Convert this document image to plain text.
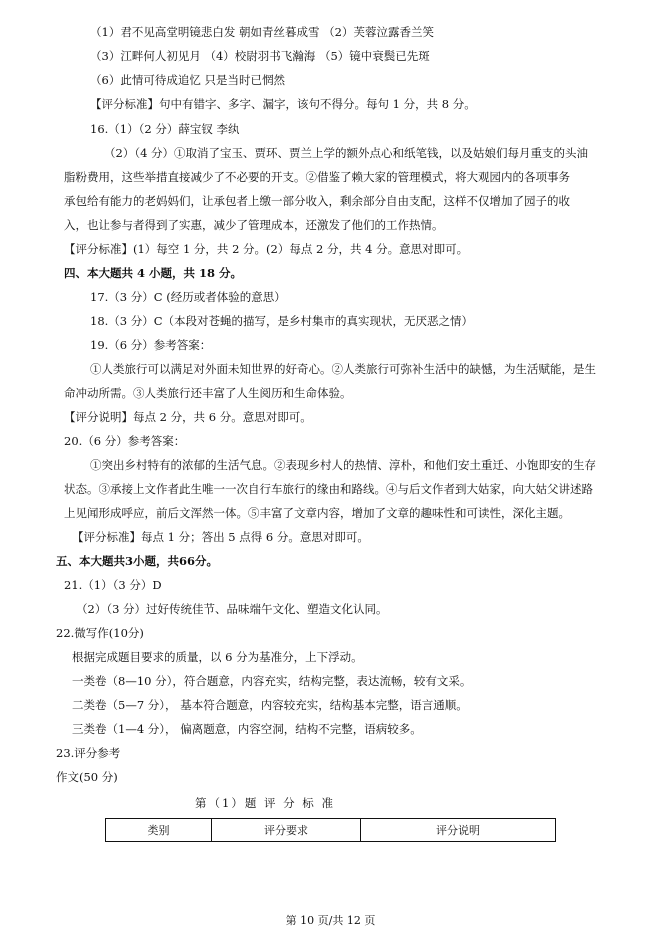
（1）君不见高堂明镜悲白发 朝如青丝暮成雪 （2）芙蓉泣露香兰笑
（3）江畔何人初见月 （4）校尉羽书飞瀚海 （5）镜中衰鬓已先斑
（6）此情可待成追忆 只是当时已惘然
【评分标准】句中有错字、多字、漏字，该句不得分。每句 1 分，共 8 分。
16.（1）（2 分）薛宝钗 李纨
（2）（4 分）①取消了宝玉、贾环、贾兰上学的额外点心和纸笔钱，以及姑娘们每月重支的头油
脂粉费用，这些举措直接减少了不必要的开支。②借鉴了赖大家的管理模式，将大观园内的各项事务
承包给有能力的老妈妈们，让承包者上缴一部分收入，剩余部分自由支配，这样不仅增加了园子的收
入，也让参与者得到了实惠，减少了管理成本，还激发了他们的工作热情。
【评分标准】(1）每空 1 分，共 2 分。(2）每点 2 分，共 4 分。意思对即可。
四、本大题共 4 小题，共 18 分。
17.（3 分）C (经历或者体验的意思）
18.（3 分）C（本段对苍蝇的描写，是乡村集市的真实现状，无厌恶之情）
19.（6 分）参考答案：
①人类旅行可以满足对外面未知世界的好奇心。②人类旅行可弥补生活中的缺憾，为生活赋能，是生
命冲动所需。③人类旅行还丰富了人生阅历和生命体验。
【评分说明】每点 2 分，共 6 分。意思对即可。
20.（6 分）参考答案：
①突出乡村特有的浓郁的生活气息。②表现乡村人的热情、淳朴，和他们安土重迁、小饱即安的生存
状态。③承接上文作者此生唯一一次自行车旅行的缘由和路线。④与后文作者到大姑家，向大姑父讲述路
上见闻形成呼应，前后文浑然一体。⑤丰富了文章内容，增加了文章的趣味性和可读性，深化主题。
【评分标准】每点 1 分；答出 5 点得 6 分。意思对即可。
五、本大题共3小题，共66分。
21.（1）（3 分）D
（2）（3 分）过好传统佳节、品味端午文化、塑造文化认同。
22.微写作(10分)
根据完成题目要求的质量，以 6 分为基准分，上下浮动。
一类卷（8—10 分），符合题意，内容充实，结构完整，表达流畅，较有文采。
二类卷（5—7 分）， 基本符合题意，内容较充实，结构基本完整，语言通顺。
三类卷（1—4 分）， 偏离题意，内容空洞，结构不完整，语病较多。
23.评分参考
作文(50 分)
第（1）题 评 分 标 准
类别	评分要求	评分说明
第 10 页/共 12 页
